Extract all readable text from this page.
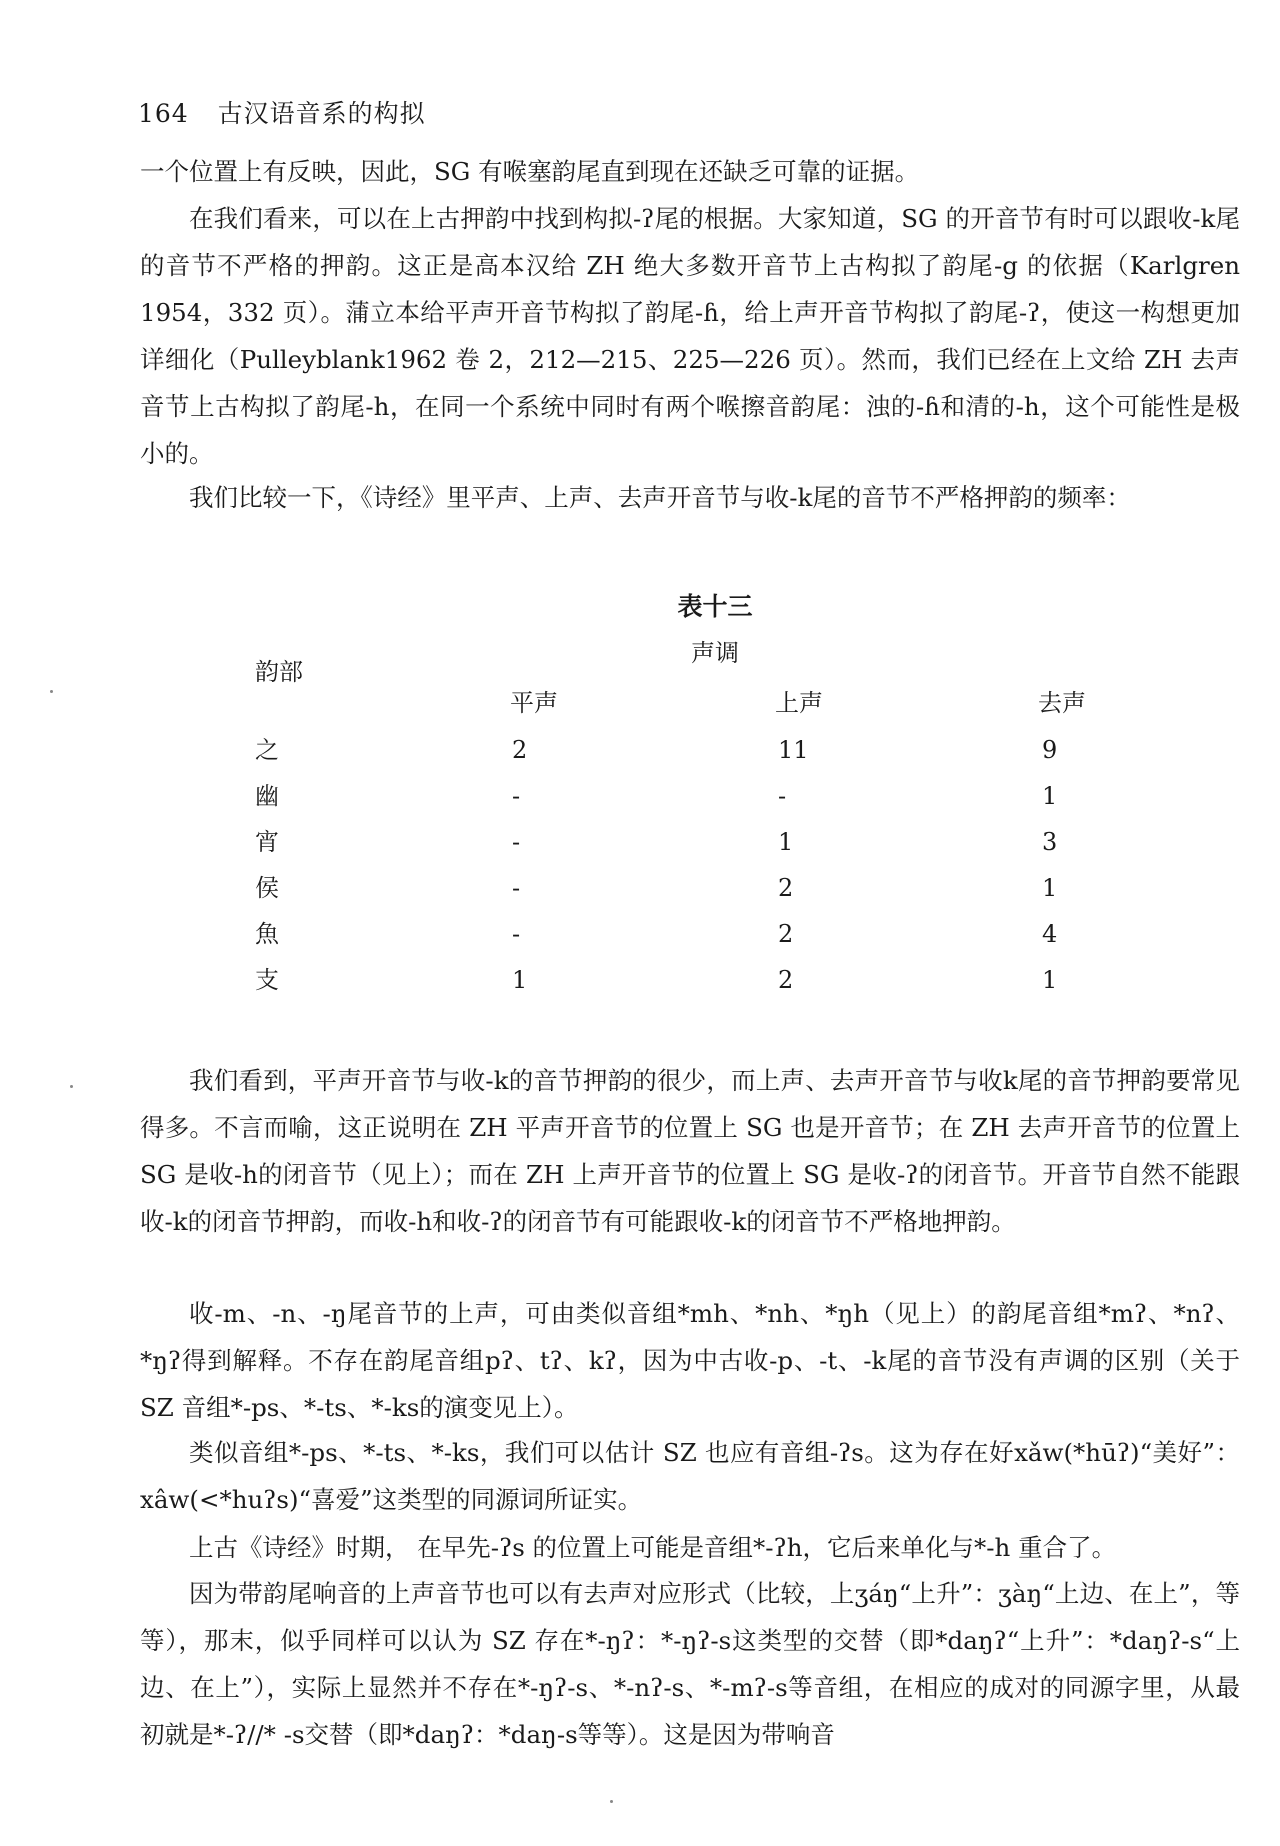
164 古汉语音系的构拟

一个位置上有反映，因此，SG 有喉塞韵尾直到现在还缺乏可靠的证据。

在我们看来，可以在上古押韵中找到构拟-ʔ尾的根据。大家知道，SG 的开音节有时可以跟收-k尾的音节不严格的押韵。这正是高本汉给 ZH 绝大多数开音节上古构拟了韵尾-g 的依据（Karlgren 1954，332 页）。蒲立本给平声开音节构拟了韵尾-ɦ，给上声开音节构拟了韵尾-ʔ，使这一构想更加详细化（Pulleyblank1962 卷 2，212—215、225—226 页）。然而，我们已经在上文给 ZH 去声音节上古构拟了韵尾-h，在同一个系统中同时有两个喉擦音韵尾：浊的-ɦ和清的-h，这个可能性是极小的。

我们比较一下，《诗经》里平声、上声、去声开音节与收-k尾的音节不严格押韵的频率：

表十三
声调
韵部
平声	上声	去声
之	2	11	9
幽	-	-	1
宵	-	1	3
侯	-	2	1
魚	-	2	4
支	1	2	1

我们看到，平声开音节与收-k的音节押韵的很少，而上声、去声开音节与收k尾的音节押韵要常见得多。不言而喻，这正说明在 ZH 平声开音节的位置上 SG 也是开音节；在 ZH 去声开音节的位置上 SG 是收-h的闭音节（见上）；而在 ZH 上声开音节的位置上 SG 是收-ʔ的闭音节。开音节自然不能跟收-k的闭音节押韵，而收-h和收-ʔ的闭音节有可能跟收-k的闭音节不严格地押韵。

收-m、-n、-ŋ尾音节的上声，可由类似音组*mh、*nh、*ŋh（见上）的韵尾音组*mʔ、*nʔ、*ŋʔ得到解释。不存在韵尾音组pʔ、tʔ、kʔ，因为中古收-p、-t、-k尾的音节没有声调的区别（关于 SZ 音组*-ps、*-ts、*-ks的演变见上）。

类似音组*-ps、*-ts、*-ks，我们可以估计 SZ 也应有音组-ʔs。这为存在好xǎw(*hūʔ)“美好”：xâw(<*huʔs)“喜爱”这类型的同源词所证实。

上古《诗经》时期， 在早先-ʔs 的位置上可能是音组*-ʔh，它后来单化与*-h 重合了。

因为带韵尾响音的上声音节也可以有去声对应形式（比较，上ʒáŋ“上升”：ʒàŋ“上边、在上”，等等），那末，似乎同样可以认为 SZ 存在*-ŋʔ：*-ŋʔ-s这类型的交替（即*daŋʔ“上升”：*daŋʔ-s“上边、在上”），实际上显然并不存在*-ŋʔ-s、*-nʔ-s、*-mʔ-s等音组，在相应的成对的同源字里，从最初就是*-ʔ//* -s交替（即*daŋʔ：*daŋ-s等等）。这是因为带响音
